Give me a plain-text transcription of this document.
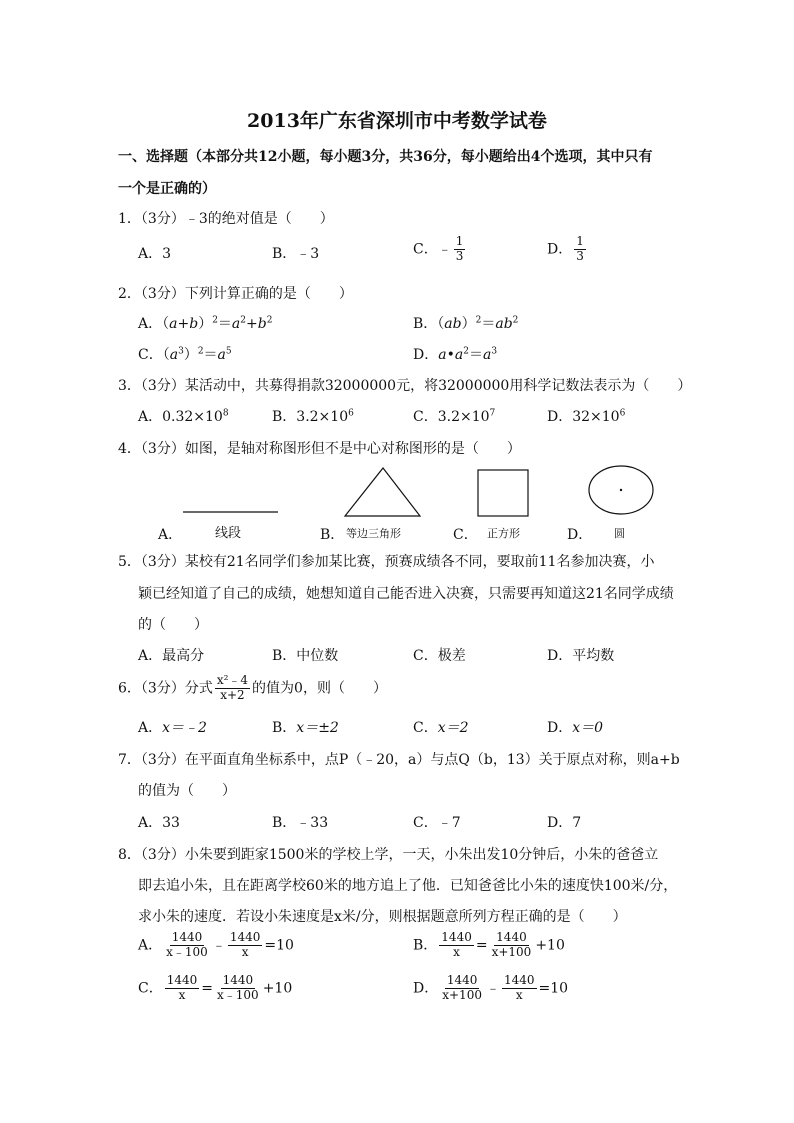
2013年广东省深圳市中考数学试卷
一、选择题（本部分共12小题，每小题3分，共36分，每小题给出4个选项，其中只有
一个是正确的）
1．（3分）﹣3的绝对值是（　　）
A．3	B．﹣3	C．﹣ $\frac{1}{3}$	D． $\frac{1}{3}$
2．（3分）下列计算正确的是（　　）
A．$(a+b)^2=a^2+b^2$	B．$(ab)^2=ab^2$
C．$(a^3)^2=a^5$	D．$a•a^2=a^3$
3．（3分）某活动中，共募得捐款32000000元，将32000000用科学记数法表示为（　　）
A．$0.32\times 10^8$	B．$3.2\times 10^6$	C．$3.2\times 10^7$	D．$32\times 10^6$
4．（3分）如图，是轴对称图形但不是中心对称图形的是（　　）
A．	线段	B． 等边三角形	C． 正方形	D． 圆
5．（3分）某校有21名同学们参加某比赛，预赛成绩各不同，要取前11名参加决赛，小
颖已经知道了自己的成绩，她想知道自己能否进入决赛，只需要再知道这21名同学成绩
的（　　）
A．最高分	B．中位数	C．极差	D．平均数
6．（3分）分式 $\frac{\text{x²﹣4}}{x+2}$ 的值为0，则（　　）
A．x＝﹣2	B．x＝±2	C．x＝2	D．x＝0
7．（3分）在平面直角坐标系中，点P（﹣20，a）与点Q（b，13）关于原点对称，则a+b
的值为（　　）
A．33	B．﹣33	C．﹣7	D．7
8．（3分）小朱要到距家1500米的学校上学，一天，小朱出发10分钟后，小朱的爸爸立
即去追小朱，且在距离学校60米的地方追上了他．已知爸爸比小朱的速度快100米/分，
求小朱的速度．若设小朱速度是x米/分，则根据题意所列方程正确的是（　　）
A． $\frac{1440}{x﹣100}$ ﹣ $\frac{1440}{x} =10$	B． $\frac{1440}{x} = \frac{1440}{x+100} +10$
C． $\frac{1440}{x} = \frac{1440}{x﹣100} +10$	D． $\frac{1440}{x+100}$ ﹣ $\frac{1440}{x} =10$
